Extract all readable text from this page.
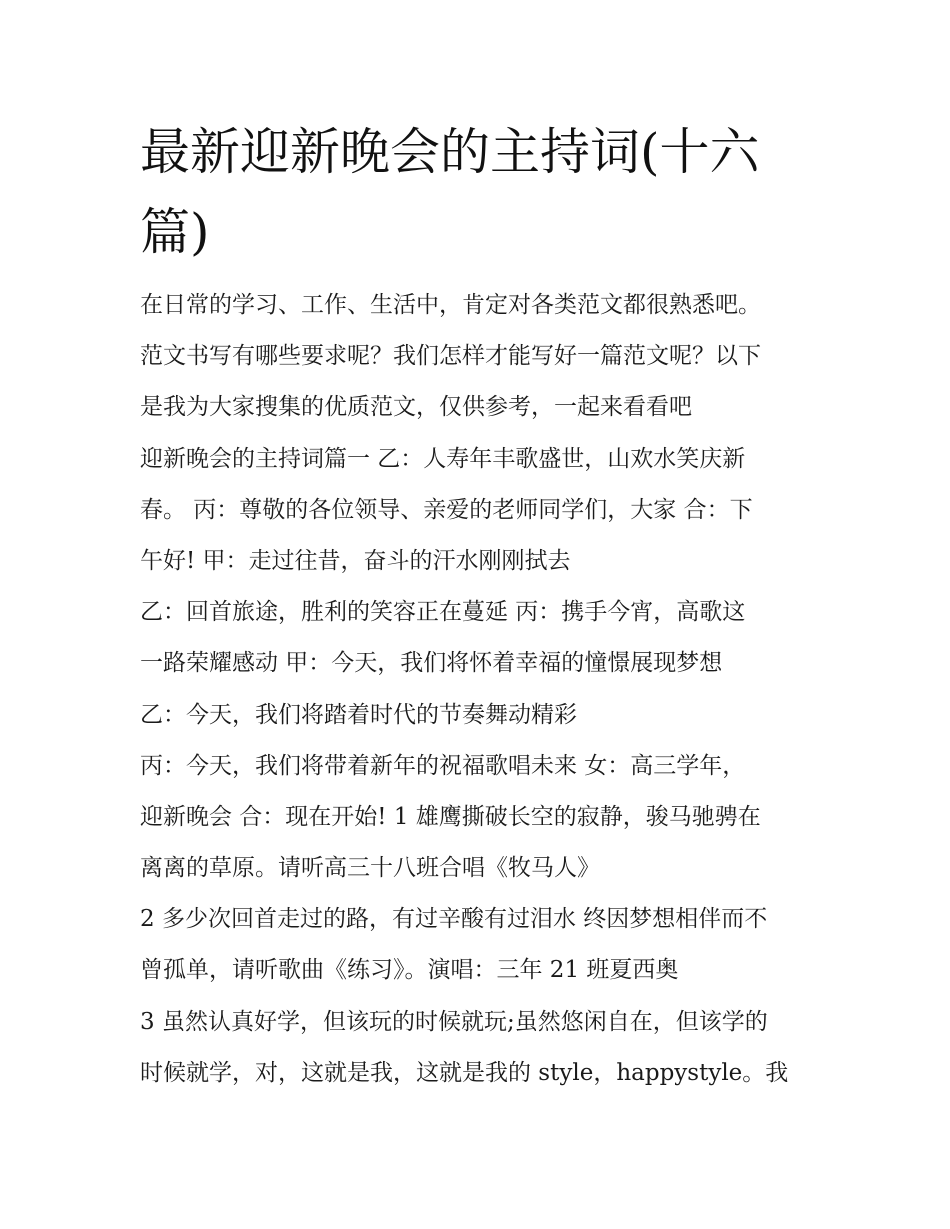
最新迎新晚会的主持词(十六
篇)
在日常的学习、工作、生活中，肯定对各类范文都很熟悉吧。
范文书写有哪些要求呢？我们怎样才能写好一篇范文呢？以下
是我为大家搜集的优质范文，仅供参考，一起来看看吧
迎新晚会的主持词篇一 乙：人寿年丰歌盛世，山欢水笑庆新
春。 丙：尊敬的各位领导、亲爱的老师同学们，大家 合：下
午好! 甲：走过往昔，奋斗的汗水刚刚拭去
乙：回首旅途，胜利的笑容正在蔓延 丙：携手今宵，高歌这
一路荣耀感动 甲：今天，我们将怀着幸福的憧憬展现梦想
乙：今天，我们将踏着时代的节奏舞动精彩
丙：今天，我们将带着新年的祝福歌唱未来 女：高三学年，
迎新晚会 合：现在开始! 1 雄鹰撕破长空的寂静，骏马驰骋在
离离的草原。请听高三十八班合唱《牧马人》
2 多少次回首走过的路，有过辛酸有过泪水 终因梦想相伴而不
曾孤单，请听歌曲《练习》。演唱：三年 21 班夏西奥
3 虽然认真好学，但该玩的时候就玩;虽然悠闲自在，但该学的
时候就学，对，这就是我，这就是我的 style，happystyle。我
